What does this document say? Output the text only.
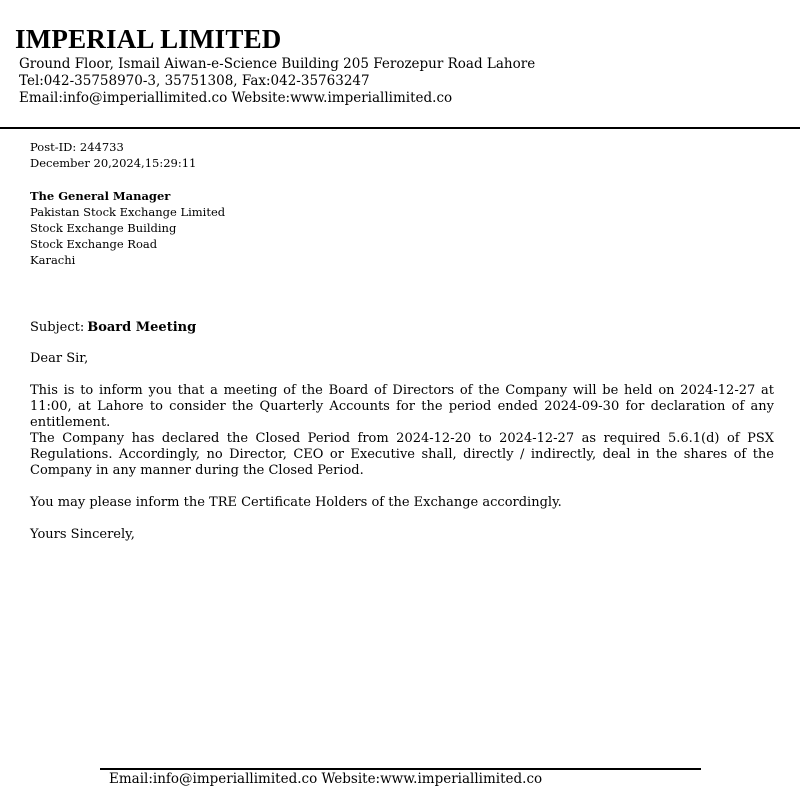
IMPERIAL LIMITED
Ground Floor, Ismail Aiwan-e-Science Building 205 Ferozepur Road Lahore
Tel:042-35758970-3, 35751308, Fax:042-35763247
Email:info@imperiallimited.co Website:www.imperiallimited.co
Post-ID: 244733
December 20,2024,15:29:11
The General Manager
Pakistan Stock Exchange Limited
Stock Exchange Building
Stock Exchange Road
Karachi
Subject: Board Meeting
Dear Sir,
This is to inform you that a meeting of the Board of Directors of the Company will be held on 2024-12-27 at 11:00, at Lahore to consider the Quarterly Accounts for the period ended 2024-09-30 for declaration of any entitlement.
The Company has declared the Closed Period from 2024-12-20 to 2024-12-27 as required 5.6.1(d) of PSX Regulations. Accordingly, no Director, CEO or Executive shall, directly / indirectly, deal in the shares of the Company in any manner during the Closed Period.
You may please inform the TRE Certificate Holders of the Exchange accordingly.
Yours Sincerely,
Email:info@imperiallimited.co Website:www.imperiallimited.co
